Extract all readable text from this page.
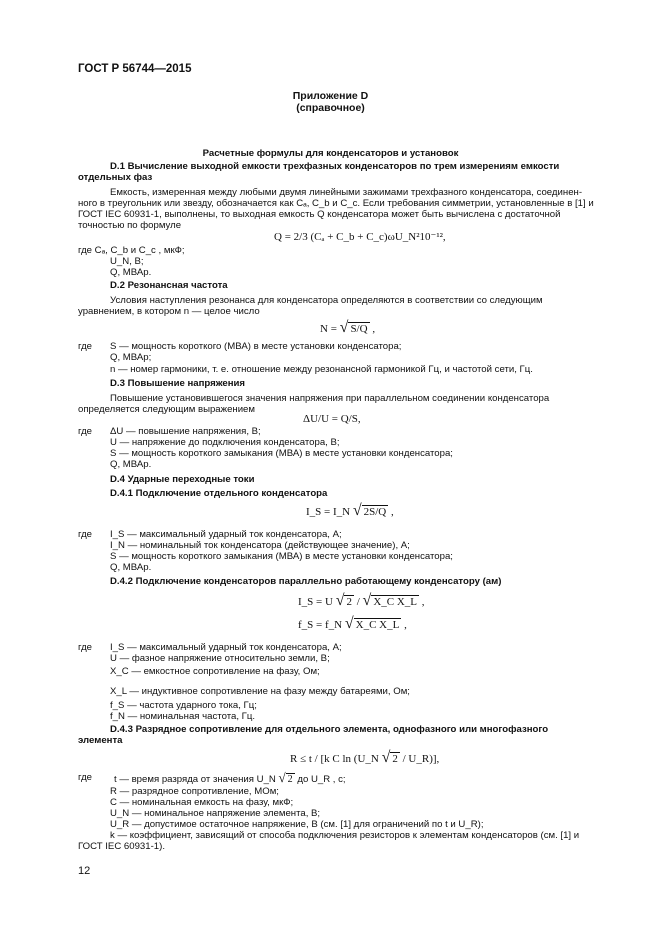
ГОСТ Р 56744—2015
Приложение D
(справочное)
Расчетные формулы для конденсаторов и установок
D.1 Вычисление выходной емкости трехфазных конденсаторов по трем измерениям емкости
отдельных фаз
Емкость, измеренная между любыми двумя линейными зажимами трехфазного конденсатора, соединен-
ного в треугольник или звезду, обозначается как Cₐ, C_b и C_c. Если требования симметрии, установленные в [1] и
ГОСТ IEC 60931-1, выполнены, то выходная емкость Q конденсатора может быть вычислена с достаточной
точностью по формуле
Q = 2/3 (Cₐ + C_b + C_c)ωU_N²10⁻¹²,
где Cₐ, C_b и C_c , мкФ;
U_N, В;
Q, МВАр.
D.2 Резонансная частота
Условия наступления резонанса для конденсатора определяются в соответствии со следующим
уравнением, в котором n — целое число
N = √ S/Q ,
где S — мощность короткого (МВА) в месте установки конденсатора;
Q, МВАр;
n — номер гармоники, т. е. отношение между резонансной гармоникой Гц, и частотой сети, Гц.
D.3 Повышение напряжения
Повышение установившегося значения напряжения при параллельном соединении конденсатора
определяется следующим выражением
ΔU/U = Q/S,
где ΔU — повышение напряжения, В;
U — напряжение до подключения конденсатора, В;
S — мощность короткого замыкания (МВА) в месте установки конденсатора;
Q, МВАр.
D.4 Ударные переходные токи
D.4.1 Подключение отдельного конденсатора
I_S = I_N √ 2S/Q ,
где I_S — максимальный ударный ток конденсатора, А;
I_N — номинальный ток конденсатора (действующее значение), А;
S — мощность короткого замыкания (МВА) в месте установки конденсатора;
Q, МВАр.
D.4.2 Подключение конденсаторов параллельно работающему конденсатору (ам)
I_S = U √ 2 / √ X_C X_L ,
f_S = f_N √ X_C X_L ,
где I_S — максимальный ударный ток конденсатора, А;
U — фазное напряжение относительно земли, В;
X_C — емкостное сопротивление на фазу, Ом;
X_L — индуктивное сопротивление на фазу между батареями, Ом;
f_S — частота ударного тока, Гц;
f_N — номинальная частота, Гц.
D.4.3 Разрядное сопротивление для отдельного элемента, однофазного или многофазного
элемента
R ≤ t / [k C ln (U_N √ 2 / U_R)],
где t — время разряда от значения U_N √ 2 до U_R , с;
R — разрядное сопротивление, МОм;
C — номинальная емкость на фазу, мкФ;
U_N — номинальное напряжение элемента, В;
U_R — допустимое остаточное напряжение, В (см. [1] для ограничений по t и U_R);
k — коэффициент, зависящий от способа подключения резисторов к элементам конденсаторов (см. [1] и
ГОСТ IEC 60931-1).
12
